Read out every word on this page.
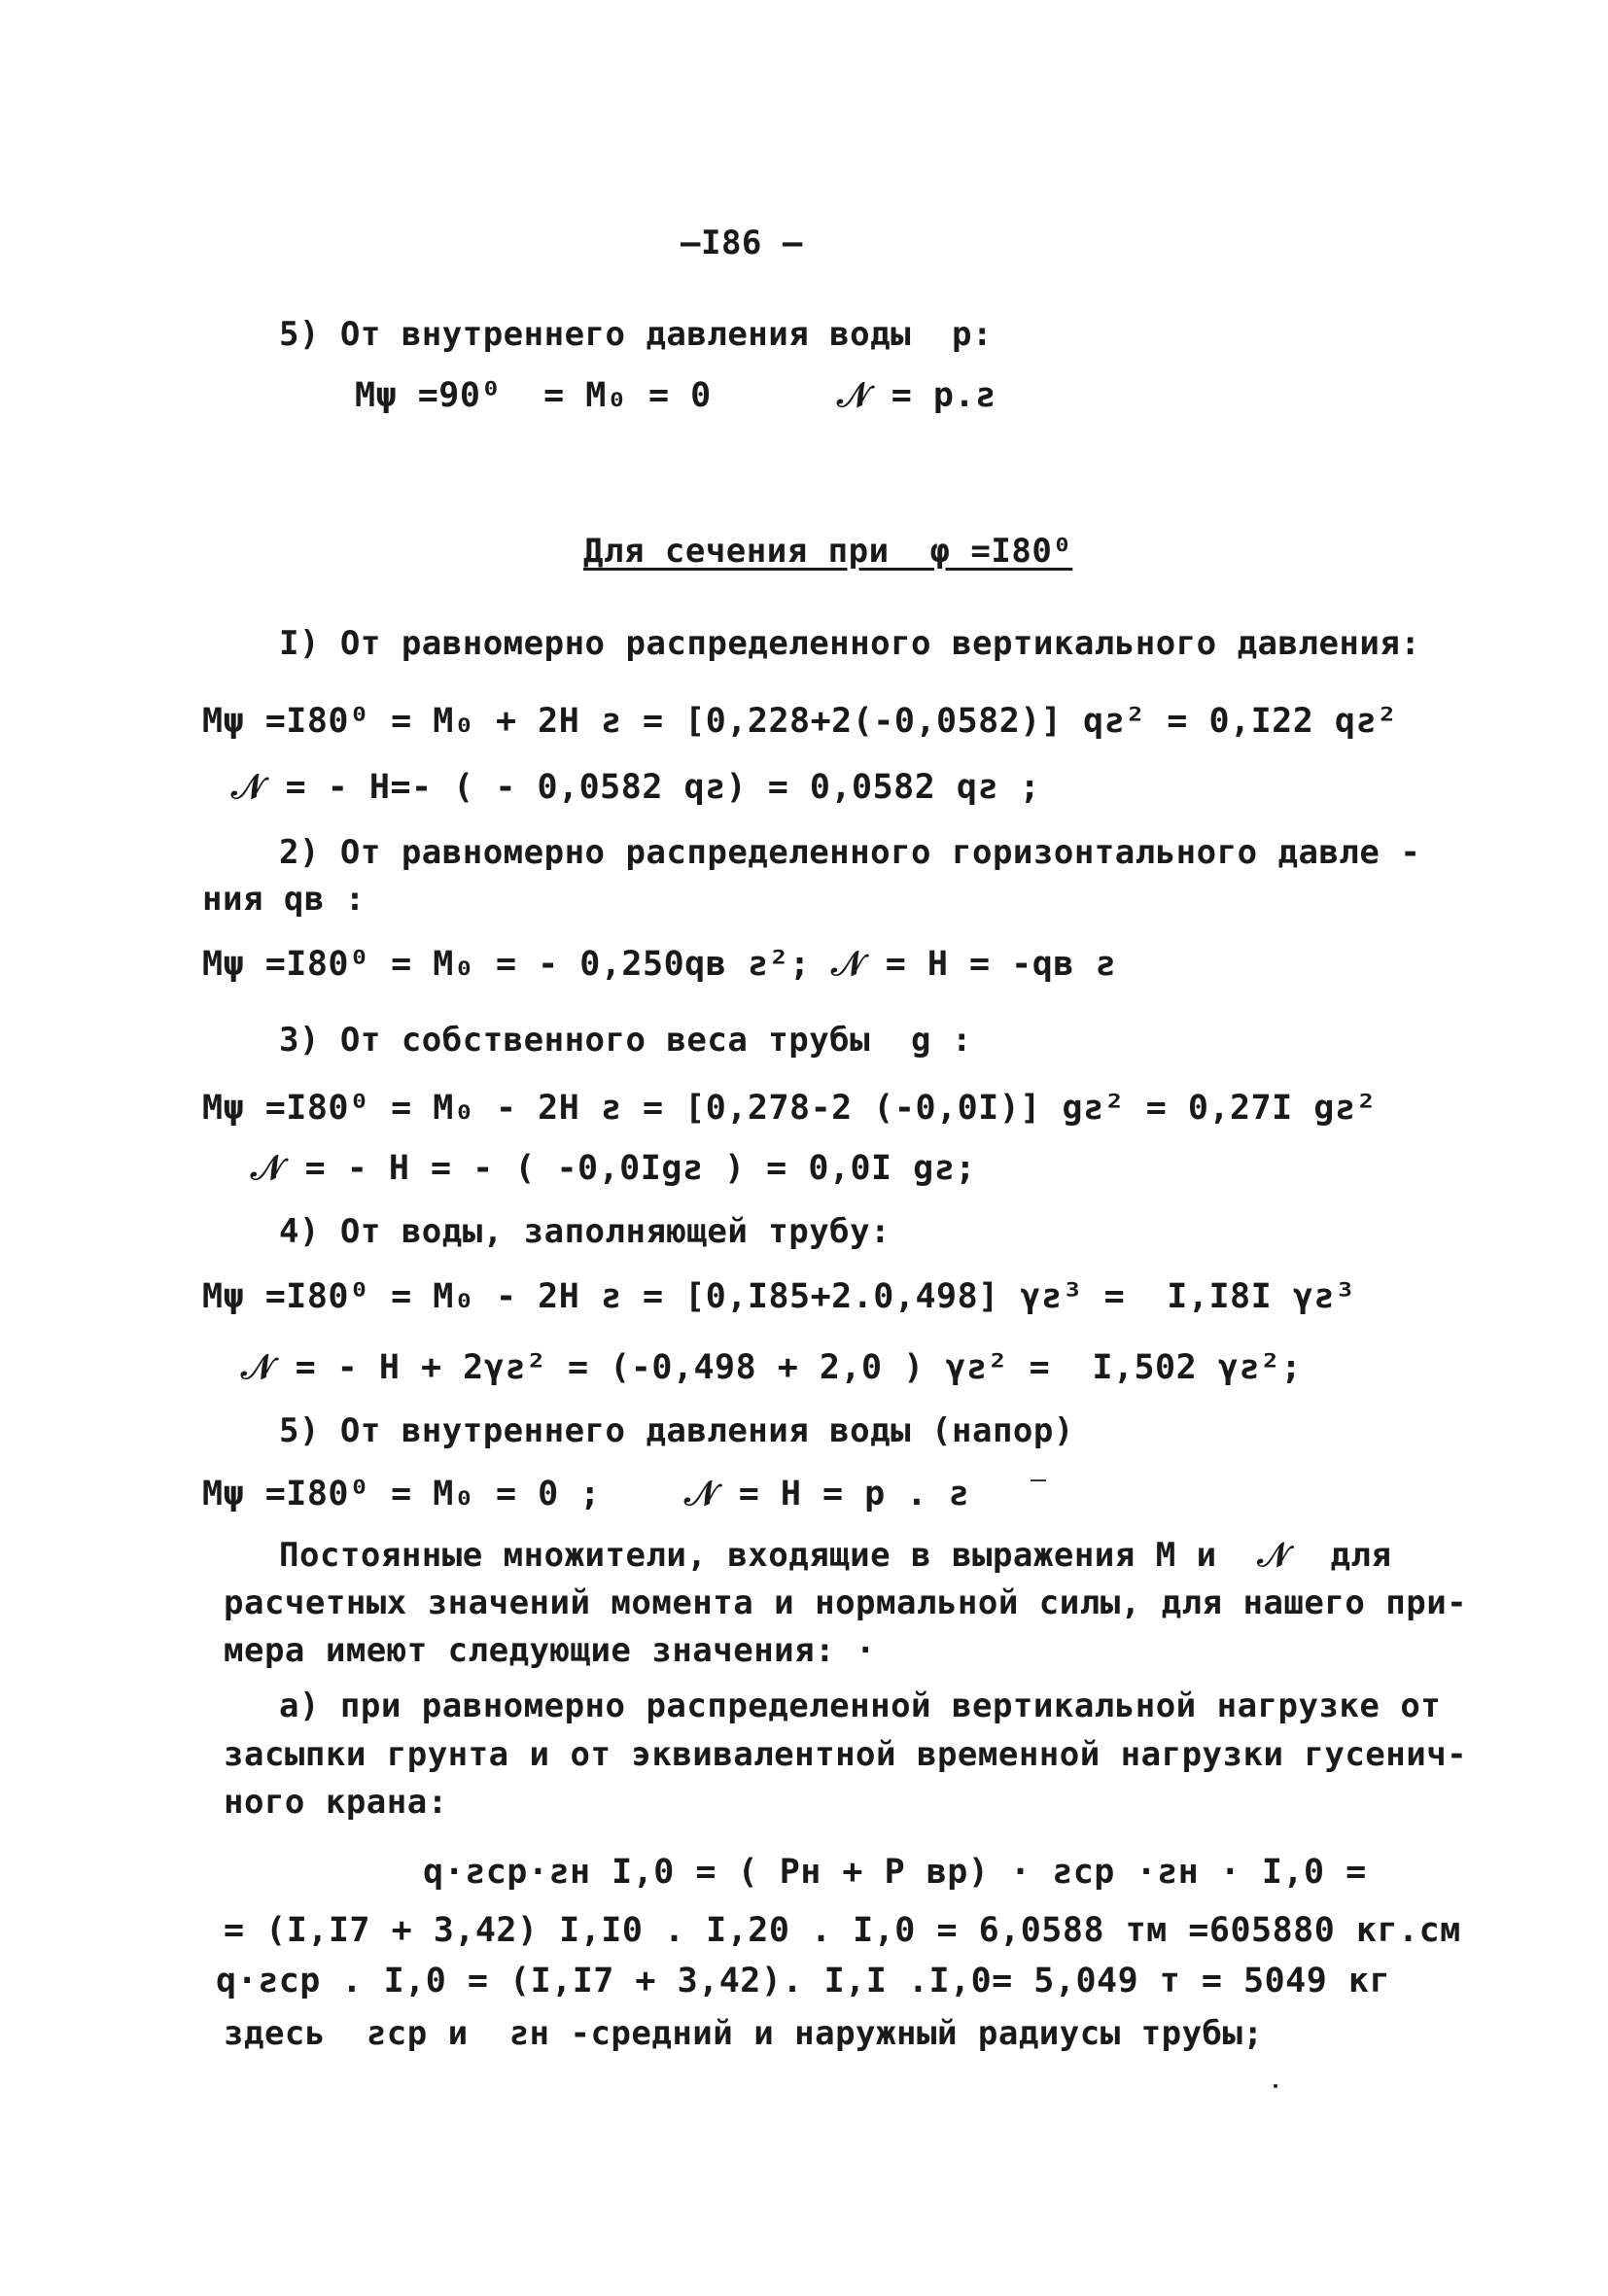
—I86 —
5) От внутреннего давления воды  р:
Мψ =90⁰  = М₀ = 0      𝒩 = р.ƨ
Для сечения при  φ =I80⁰
I) От равномерно распределенного вертикального давления:
Мψ =I80⁰ = М₀ + 2Н ƨ = [0,228+2(-0,0582)] qƨ² = 0,I22 qƨ²
𝒩 = - Н=- ( - 0,0582 qƨ) = 0,0582 qƨ ;
2) От равномерно распределенного горизонтального давле -
ния qв :
Мψ =I80⁰ = М₀ = - 0,250qв ƨ²; 𝒩 = Н = -qв ƨ
3) От собственного веса трубы  g :
Мψ =I80⁰ = М₀ - 2Н ƨ = [0,278-2 (-0,0I)] gƨ² = 0,27I gƨ²
𝒩 = - Н = - ( -0,0Igƨ ) = 0,0I gƨ;
4) От воды, заполняющей трубу:
Мψ =I80⁰ = М₀ - 2Н ƨ = [0,I85+2.0,498] γƨ³ =  I,I8I γƨ³
𝒩 = - Н + 2γƨ² = (-0,498 + 2,0 ) γƨ² =  I,502 γƨ²;
5) От внутреннего давления воды (напор)
Мψ =I80⁰ = М₀ = 0 ;    𝒩 = Н = р . ƨ
Постоянные множители, входящие в выражения М и  𝒩  для
расчетных значений момента и нормальной силы, для нашего при-
мера имеют следующие значения: ·
а) при равномерно распределенной вертикальной нагрузке от
засыпки грунта и от эквивалентной временной нагрузки гусенич-
ного крана:
q·ƨср·ƨн I,0 = ( Рн + Р вр) · ƨср ·ƨн · I,0 =
= (I,I7 + 3,42) I,I0 . I,20 . I,0 = 6,0588 тм =605880 кг.см
q·ƨср . I,0 = (I,I7 + 3,42). I,I .I,0= 5,049 т = 5049 кг
здесь  ƨср и  ƨн -средний и наружный радиусы трубы;
